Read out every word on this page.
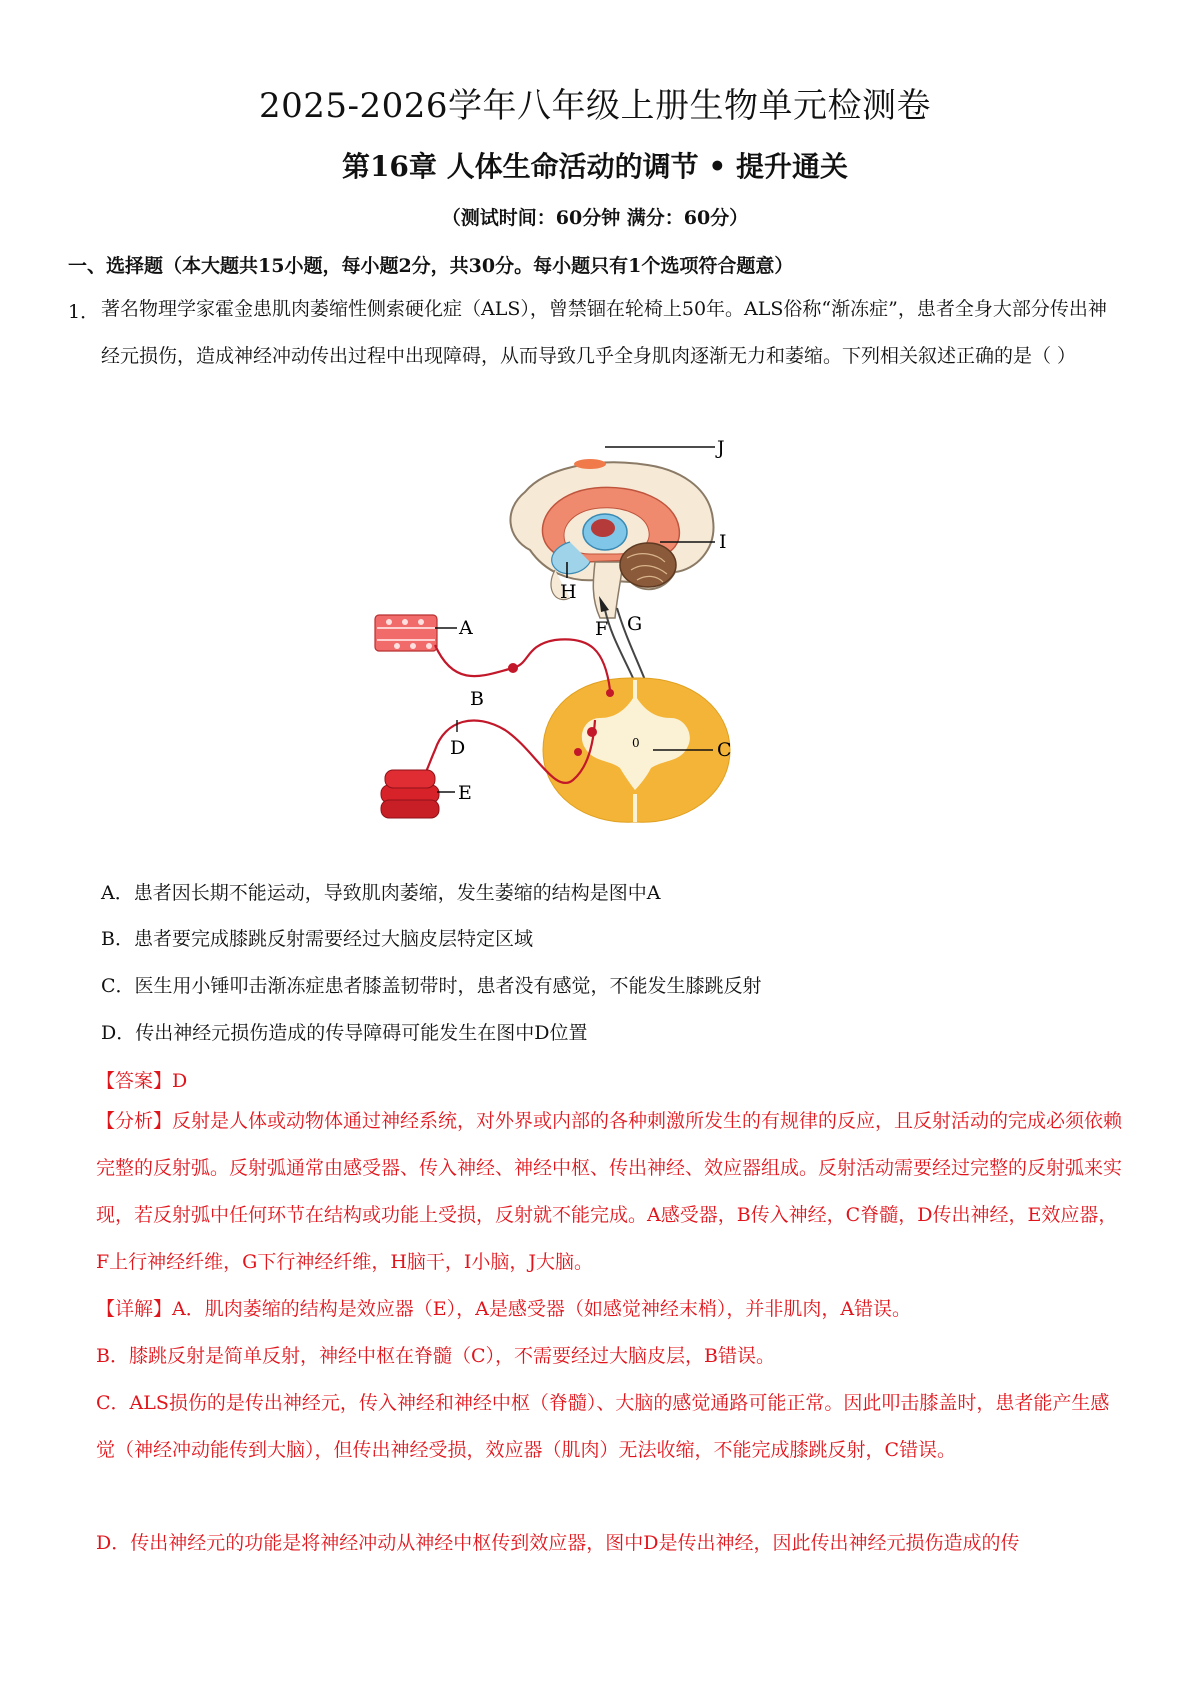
2025-2026学年八年级上册生物单元检测卷
第16章 人体生命活动的调节 • 提升通关
（测试时间：60分钟 满分：60分）
一、选择题（本大题共15小题，每小题2分，共30分。每小题只有1个选项符合题意）
1． 著名物理学家霍金患肌肉萎缩性侧索硬化症（ALS），曾禁锢在轮椅上50年。ALS俗称“渐冻症”，患者全身大部分传出神经元损伤，造成神经冲动传出过程中出现障碍，从而导致几乎全身肌肉逐渐无力和萎缩。下列相关叙述正确的是（ ）
J
I
H
F G
A
B
C
D
E
0
A．患者因长期不能运动，导致肌肉萎缩，发生萎缩的结构是图中A
B．患者要完成膝跳反射需要经过大脑皮层特定区域
C．医生用小锤叩击渐冻症患者膝盖韧带时，患者没有感觉，不能发生膝跳反射
D．传出神经元损伤造成的传导障碍可能发生在图中D位置
【答案】D
【分析】反射是人体或动物体通过神经系统，对外界或内部的各种刺激所发生的有规律的反应，且反射活动的完成必须依赖完整的反射弧。反射弧通常由感受器、传入神经、神经中枢、传出神经、效应器组成。反射活动需要经过完整的反射弧来实现，若反射弧中任何环节在结构或功能上受损，反射就不能完成。A感受器，B传入神经，C脊髓，D传出神经，E效应器，F上行神经纤维，G下行神经纤维，H脑干，I小脑，J大脑。
【详解】A．肌肉萎缩的结构是效应器（E），A是感受器（如感觉神经末梢），并非肌肉，A错误。
B．膝跳反射是简单反射，神经中枢在脊髓（C），不需要经过大脑皮层，B错误。
C．ALS损伤的是传出神经元，传入神经和神经中枢（脊髓）、大脑的感觉通路可能正常。因此叩击膝盖时，患者能产生感觉（神经冲动能传到大脑），但传出神经受损，效应器（肌肉）无法收缩，不能完成膝跳反射，C错误。
D．传出神经元的功能是将神经冲动从神经中枢传到效应器，图中D是传出神经，因此传出神经元损伤造成的传
